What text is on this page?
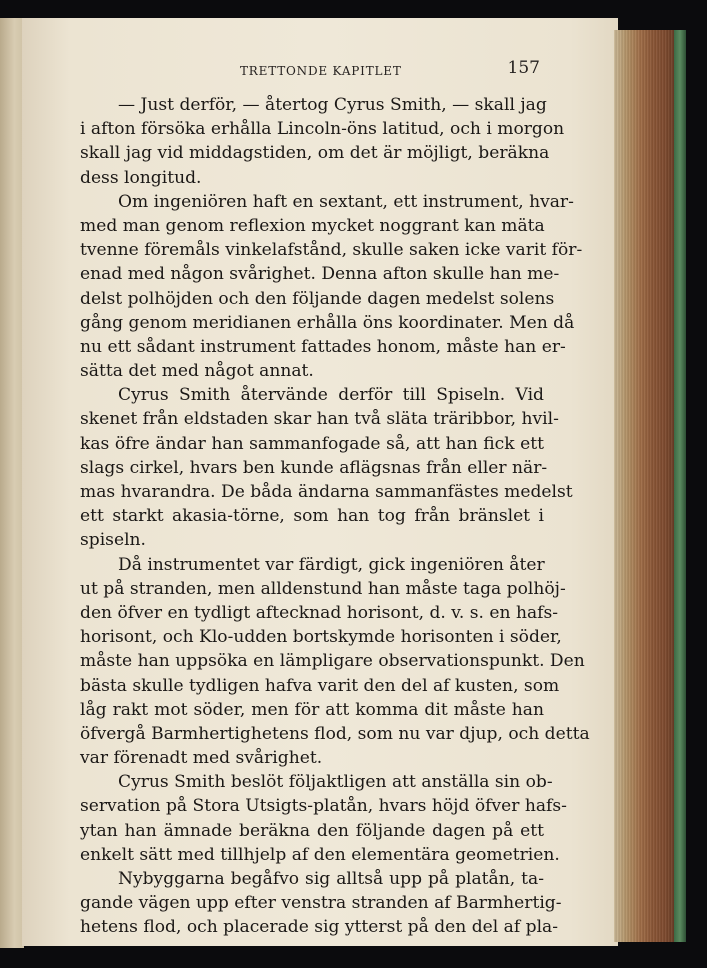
TRETTONDE KAPITLET	157
— Just derför, — återtog Cyrus Smith, — skall jag
i afton försöka erhålla Lincoln-öns latitud, och i morgon
skall jag vid middagstiden, om det är möjligt, beräkna
dess longitud.
Om ingeniören haft en sextant, ett instrument, hvar-
med man genom reflexion mycket noggrant kan mäta
tvenne föremåls vinkelafstånd, skulle saken icke varit för-
enad med någon svårighet. Denna afton skulle han me-
delst polhöjden och den följande dagen medelst solens
gång genom meridianen erhålla öns koordinater. Men då
nu ett sådant instrument fattades honom, måste han er-
sätta det med något annat.
Cyrus Smith återvände derför till Spiseln. Vid
skenet från eldstaden skar han två släta träribbor, hvil-
kas öfre ändar han sammanfogade så, att han fick ett
slags cirkel, hvars ben kunde aflägsnas från eller när-
mas hvarandra. De båda ändarna sammanfästes medelst
ett starkt akasia-törne, som han tog från bränslet i
spiseln.
Då instrumentet var färdigt, gick ingeniören åter
ut på stranden, men alldenstund han måste taga polhöj-
den öfver en tydligt aftecknad horisont, d. v. s. en hafs-
horisont, och Klo-udden bortskymde horisonten i söder,
måste han uppsöka en lämpligare observationspunkt. Den
bästa skulle tydligen hafva varit den del af kusten, som
låg rakt mot söder, men för att komma dit måste han
öfvergå Barmhertighetens flod, som nu var djup, och detta
var förenadt med svårighet.
Cyrus Smith beslöt följaktligen att anställa sin ob-
servation på Stora Utsigts-platån, hvars höjd öfver hafs-
ytan han ämnade beräkna den följande dagen på ett
enkelt sätt med tillhjelp af den elementära geometrien.
Nybyggarna begåfvo sig alltså upp på platån, ta-
gande vägen upp efter venstra stranden af Barmhertig-
hetens flod, och placerade sig ytterst på den del af pla-
